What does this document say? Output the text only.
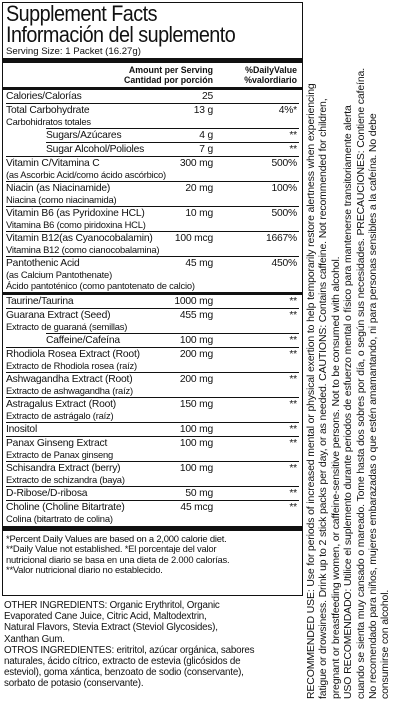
Supplement Facts
Información del suplemento
Serving Size: 1 Packet (16.27g)
Amount per Serving
Cantidad por porción
%DailyValue
%valordiario
Calories/Calorías	25
Total Carbohydrate
Carbohidratos totales
13 g	4%*
Sugars/Azúcares	4 g	**
Sugar Alcohol/Polioles	7 g	**
Vitamin C/Vitamina C
(as Ascorbic Acid/como ácido ascórbico)
300 mg	500%
Niacin (as Niacinamide)
Niacina (como niacinamida)
20 mg	100%
Vitamin B6 (as Pyridoxine HCL)
Vitamina B6 (como piridoxina HCL)
10 mg	500%
Vitamin B12(as Cyanocobalamin)
Vitamina B12 (como cianocobalamina)
100 mcg	1667%
Pantothenic Acid
(as Calcium Pantothenate)
Ácido pantoténico (como pantotenato de calcio)
45 mg	450%
Taurine/Taurina	1000 mg	**
Guarana Extract (Seed)
Extracto de guaraná (semillas)
455 mg	**
Caffeine/Cafeína	100 mg	**
Rhodiola Rosea Extract (Root)
Extracto de Rhodiola rosea (raíz)
200 mg	**
Ashwagandha Extract (Root)
Extracto de ashwagandha (raíz)
200 mg	**
Astragalus Extract (Root)
Extracto de astrágalo (raíz)
150 mg	**
Inositol	100 mg	**
Panax Ginseng Extract
Extracto de Panax ginseng
100 mg	**
Schisandra Extract (berry)
Extracto de schizandra (baya)
100 mg	**
D-Ribose/D-ribosa	50 mg	**
Choline (Choline Bitartrate)
Colina (bitartrato de colina)
45 mcg	**
*Percent Daily Values are based on a 2,000 calorie diet.
**Daily Value not established. *El porcentaje del valor
nutricional diario se basa en una dieta de 2.000 calorías.
**Valor nutricional diario no establecido.
OTHER INGREDIENTS: Organic Erythritol, Organic
Evaporated Cane Juice, Citric Acid, Maltodextrin,
Natural Flavors, Stevia Extract (Steviol Glycosides),
Xanthan Gum.
OTROS INGREDIENTES: eritritol, azúcar orgánica, sabores
naturales, ácido cítrico, extracto de estevia (glicósidos de
esteviol), goma xántica, benzoato de sodio (conservante),
sorbato de potasio (conservante).	RECOMMENDED USE: Use for periods of increased mental or physical exertion to help temporarily restore alertness when experiencing fatigue or drowsiness. Drink up to 2 stick packs per day, or as needed. CAUTIONS: Contains caffeine. Not recommended for children, pregnant or breastfeeding women, or caffeine-sensitive persons. Not to be consumed with alcohol. USO RECOMENDADO: Utilice el suplemento durante periodos de esfuerzo mental o físico para mantenerse transitoriamente alerta cuando se sienta muy cansado o mareado. Tome hasta dos sobres por día, o según sus necesidades. PRECAUCIONES: Contiene cafeína. No recomendado para niños, mujeres embarazadas o que estén amamantando, ni para personas sensibles a la cafeína. No debe consumirse con alcohol.
